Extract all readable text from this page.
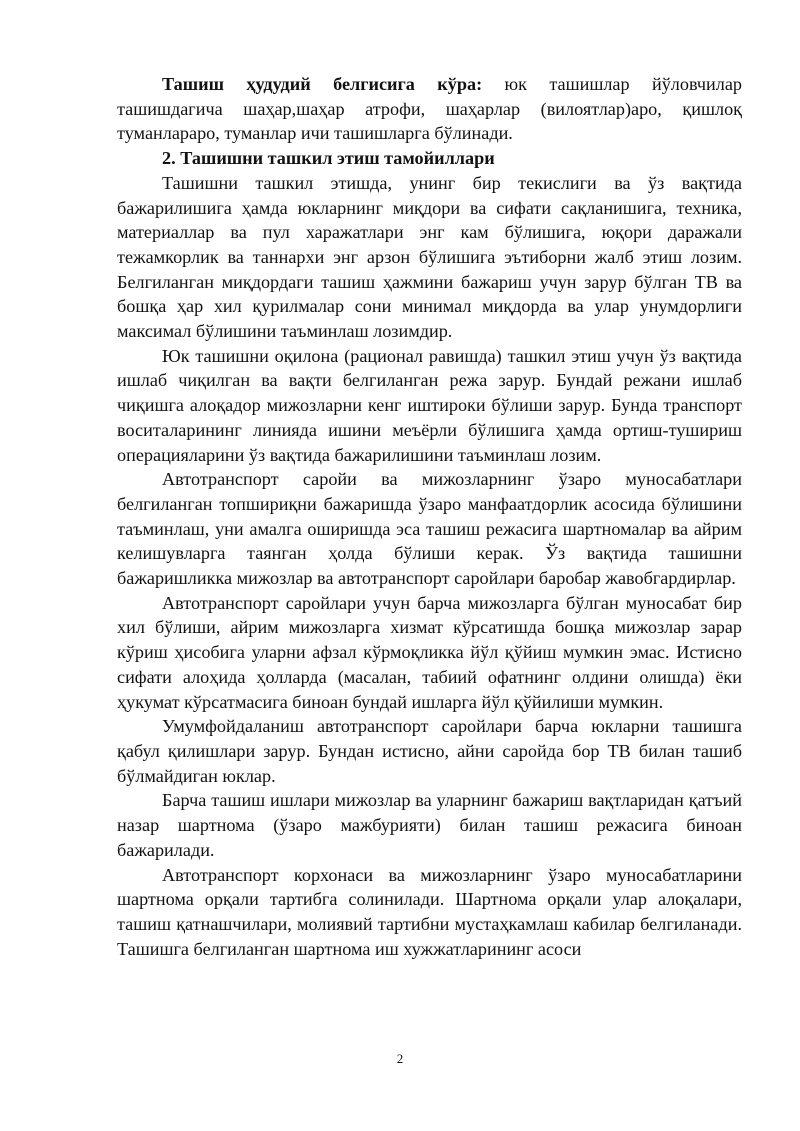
Ташиш ҳудудий белгисига кўра: юк ташишлар йўловчилар ташишдагича шаҳар,шаҳар атрофи, шаҳарлар (вилоятлар)аро, қишлоқ туманлараро, туманлар ичи ташишларга бўлинади.

2. Ташишни ташкил этиш тамойиллари

Ташишни ташкил этишда, унинг бир текислиги ва ўз вақтида бажарилишига ҳамда юкларнинг миқдори ва сифати сақланишига, техника, материаллар ва пул харажатлари энг кам бўлишига, юқори даражали тежамкорлик ва таннархи энг арзон бўлишига эътиборни жалб этиш лозим. Белгиланган миқдордаги ташиш ҳажмини бажариш учун зарур бўлган ТВ ва бошқа ҳар хил қурилмалар сони минимал миқдорда ва улар унумдорлиги максимал бўлишини таъминлаш лозимдир.

Юк ташишни оқилона (рационал равишда) ташкил этиш учун ўз вақтида ишлаб чиқилган ва вақти белгиланган режа зарур. Бундай режани ишлаб чиқишга алоқадор мижозларни кенг иштироки бўлиши зарур. Бунда транспорт воситаларининг линияда ишини меъёрли бўлишига ҳамда ортиш-тушириш операцияларини ўз вақтида бажарилишини таъминлаш лозим.

Автотранспорт саройи ва мижозларнинг ўзаро муносабатлари белгиланган топшириқни бажаришда ўзаро манфаатдорлик асосида бўлишини таъминлаш, уни амалга оширишда эса ташиш режасига шартномалар ва айрим келишувларга таянган ҳолда бўлиши керак. Ўз вақтида ташишни бажаришликка мижозлар ва автотранспорт саройлари баробар жавобгардирлар.

Автотранспорт саройлари учун барча мижозларга бўлган муносабат бир хил бўлиши, айрим мижозларга хизмат кўрсатишда бошқа мижозлар зарар кўриш ҳисобига уларни афзал кўрмоқликка йўл қўйиш мумкин эмас. Истисно сифати алоҳида ҳолларда (масалан, табиий офатнинг олдини олишда) ёки ҳукумат кўрсатмасига биноан бундай ишларга йўл қўйилиши мумкин.

Умумфойдаланиш автотранспорт саройлари барча юкларни ташишга қабул қилишлари зарур. Бундан истисно, айни саройда бор ТВ билан ташиб бўлмайдиган юклар.

Барча ташиш ишлари мижозлар ва уларнинг бажариш вақтларидан қатъий назар шартнома (ўзаро мажбурияти) билан ташиш режасига биноан бажарилади.

Автотранспорт корхонаси ва мижозларнинг ўзаро муносабатларини шартнома орқали тартибга солинилади. Шартнома орқали улар алоқалари, ташиш қатнашчилари, молиявий тартибни мустаҳкамлаш кабилар белгиланади. Ташишга белгиланган шартнома иш хужжатларининг асоси

2
